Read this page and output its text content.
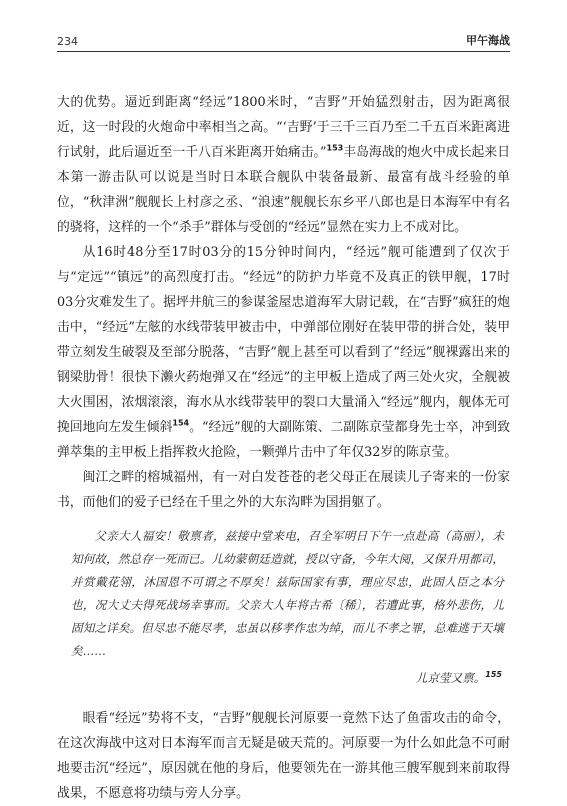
234	甲午海战

大的优势。逼近到距离“经远”1800米时，“吉野”开始猛烈射击，因为距离很近，这一时段的火炮命中率相当之高。“‘吉野’于三千三百乃至二千五百米距离进行试射，此后逼近至一千八百米距离开始痛击。”$^{153}$丰岛海战的炮火中成长起来日本第一游击队可以说是当时日本联合舰队中装备最新、最富有战斗经验的单位，“秋津洲”舰舰长上村彦之丞、“浪速”舰舰长东乡平八郎也是日本海军中有名的骁将，这样的一个“杀手”群体与受创的“经远”显然在实力上不成对比。

从16时48分至17时03分的15分钟时间内，“经远”舰可能遭到了仅次于与“定远”“镇远”的高烈度打击。“经远”的防护力毕竟不及真正的铁甲舰，17时03分灾难发生了。据坪井航三的参谋釜屋忠道海军大尉记载，在“吉野”疯狂的炮击中，“经远”左舷的水线带装甲被击中，中弹部位刚好在装甲带的拼合处，装甲带立刻发生破裂及至部分脱落，“吉野”舰上甚至可以看到了“经远”舰裸露出来的钢梁肋骨！很快下濑火药炮弹又在“经远”的主甲板上造成了两三处火灾，全舰被大火围困，浓烟滚滚，海水从水线带装甲的裂口大量涌入“经远”舰内，舰体无可挽回地向左发生倾斜$^{154}$。“经远”舰的大副陈策、二副陈京莹都身先士卒，冲到致弹萃集的主甲板上指挥救火抢险，一颗弹片击中了年仅32岁的陈京莹。

闽江之畔的榕城福州，有一对白发苍苍的老父母正在展读儿子寄来的一份家书，而他们的爱子已经在千里之外的大东沟畔为国捐躯了。

父亲大人福安！敬禀者，兹接中堂来电，召全军明日下午一点赴高（高丽），未知何故，然总存一死而已。儿幼蒙朝廷造就，授以守备，今年大阅，又保升用都司，并赏戴花翎，沐国恩不可谓之不厚矣！兹际国家有事，理应尽忠，此固人臣之本分也，况大丈夫得死战场幸事而。父亲大人年将古希〔稀〕，若遭此事，格外悲伤，儿固知之详矣。但尽忠不能尽孝，忠虽以移孝作忠为绰，而儿不孝之罪，总难逃于天壤矣……

儿京莹又禀。$^{155}$

眼看“经远”势将不支，“吉野”舰舰长河原要一竟然下达了鱼雷攻击的命令，在这次海战中这对日本海军而言无疑是破天荒的。河原要一为什么如此急不可耐地要击沉“经远”，原因就在他的身后，他要领先在一游其他三艘军舰到来前取得战果，不愿意将功绩与旁人分享。
